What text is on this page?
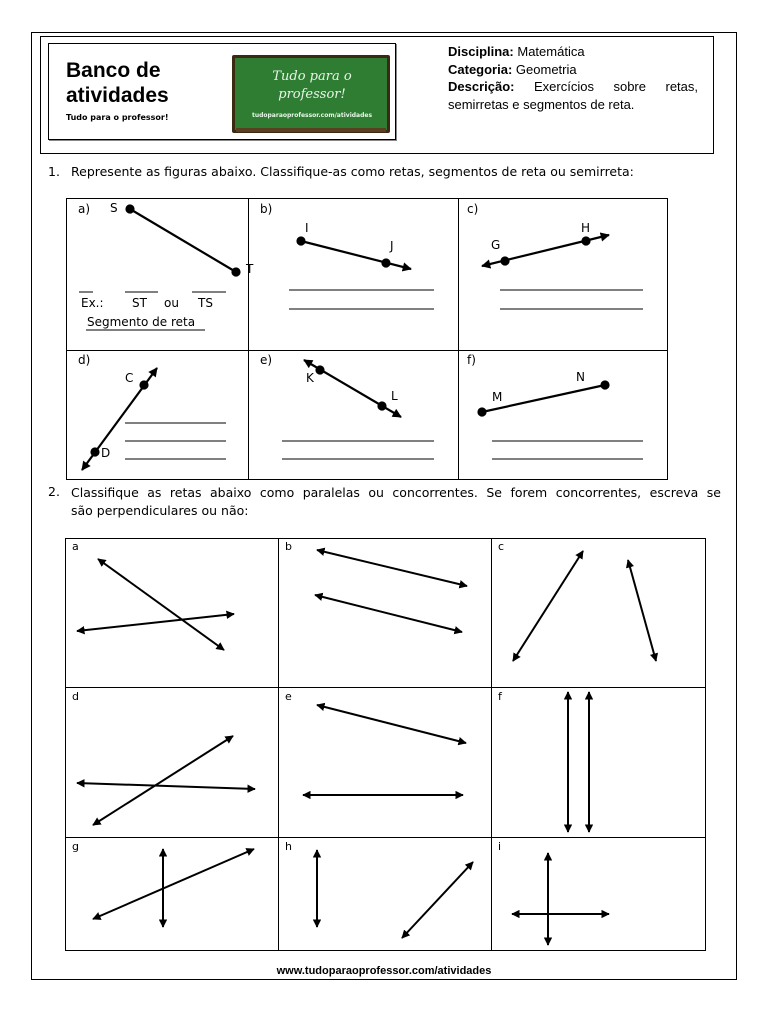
Banco de
atividades
Tudo para o professor!
Tudo para o
professor!
tudoparaoprofessor.com/atividades
Disciplina: Matemática
Categoria: Geometria
Descrição: Exercícios sobre retas, semirretas e segmentos de reta.
1. Represente as figuras abaixo. Classifique-as como retas, segmentos de reta ou semirreta:
2. Classifique as retas abaixo como paralelas ou concorrentes. Se forem concorrentes, escreva se
são perpendiculares ou não:
a) S
T
Ex.: ST ou TS
Segmento de reta
b)
I
J
c)
G
H
d)
C
D
e)
K
L
f)
M
N
a	b	c
d	e	f
g	h	i
www.tudoparaoprofessor.com/atividades
